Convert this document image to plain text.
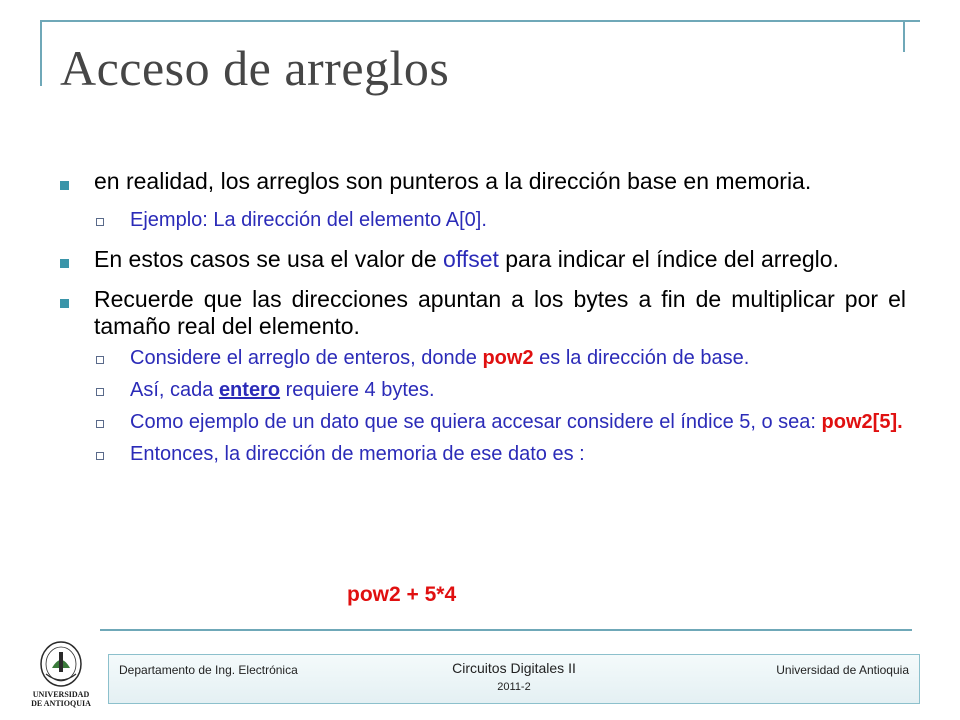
Acceso de arreglos
en realidad, los arreglos son punteros a la dirección base en memoria.
Ejemplo: La dirección del elemento A[0].
En estos casos se usa el valor de offset para indicar el índice del arreglo.
Recuerde que las direcciones apuntan a los bytes a fin de multiplicar por el tamaño real del elemento.
Considere el arreglo de enteros, donde pow2 es la dirección de base.
Así, cada entero requiere 4 bytes.
Como ejemplo de un dato que se quiera accesar considere el índice 5, o sea: pow2[5].
Entonces, la dirección de memoria de ese dato es :
pow2 + 5*4
UNIVERSIDAD
DE ANTIOQUIA
Departamento de Ing. Electrónica	Circuitos Digitales II
2011-2
Universidad de Antioquia
